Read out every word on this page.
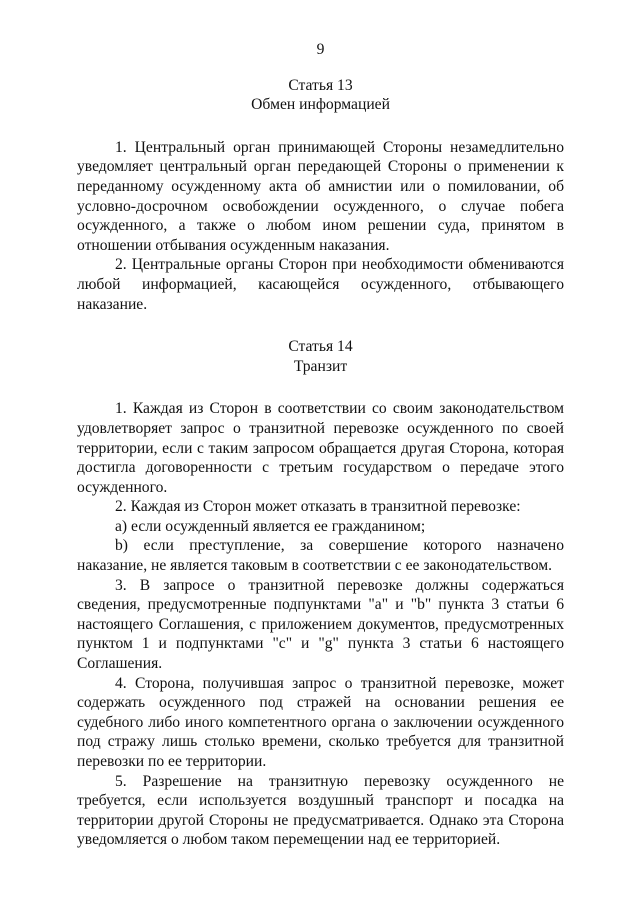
9
Статья 13
Обмен информацией

1. Центральный орган принимающей Стороны незамедлительно уведомляет центральный орган передающей Стороны о применении к переданному осужденному акта об амнистии или о помиловании, об условно-досрочном освобождении осужденного, о случае побега осужденного, а также о любом ином решении суда, принятом в отношении отбывания осужденным наказания.

2. Центральные органы Сторон при необходимости обмениваются любой информацией, касающейся осужденного, отбывающего наказание.

Статья 14
Транзит

1. Каждая из Сторон в соответствии со своим законодательством удовлетворяет запрос о транзитной перевозке осужденного по своей территории, если с таким запросом обращается другая Сторона, которая достигла договоренности с третьим государством о передаче этого осужденного.

2. Каждая из Сторон может отказать в транзитной перевозке:

a) если осужденный является ее гражданином;

b) если преступление, за совершение которого назначено наказание, не является таковым в соответствии с ее законодательством.

3. В запросе о транзитной перевозке должны содержаться сведения, предусмотренные подпунктами "a" и "b" пункта 3 статьи 6 настоящего Соглашения, с приложением документов, предусмотренных пунктом 1 и подпунктами "c" и "g" пункта 3 статьи 6 настоящего Соглашения.

4. Сторона, получившая запрос о транзитной перевозке, может содержать осужденного под стражей на основании решения ее судебного либо иного компетентного органа о заключении осужденного под стражу лишь столько времени, сколько требуется для транзитной перевозки по ее территории.

5. Разрешение на транзитную перевозку осужденного не требуется, если используется воздушный транспорт и посадка на территории другой Стороны не предусматривается. Однако эта Сторона уведомляется о любом таком перемещении над ее территорией.
